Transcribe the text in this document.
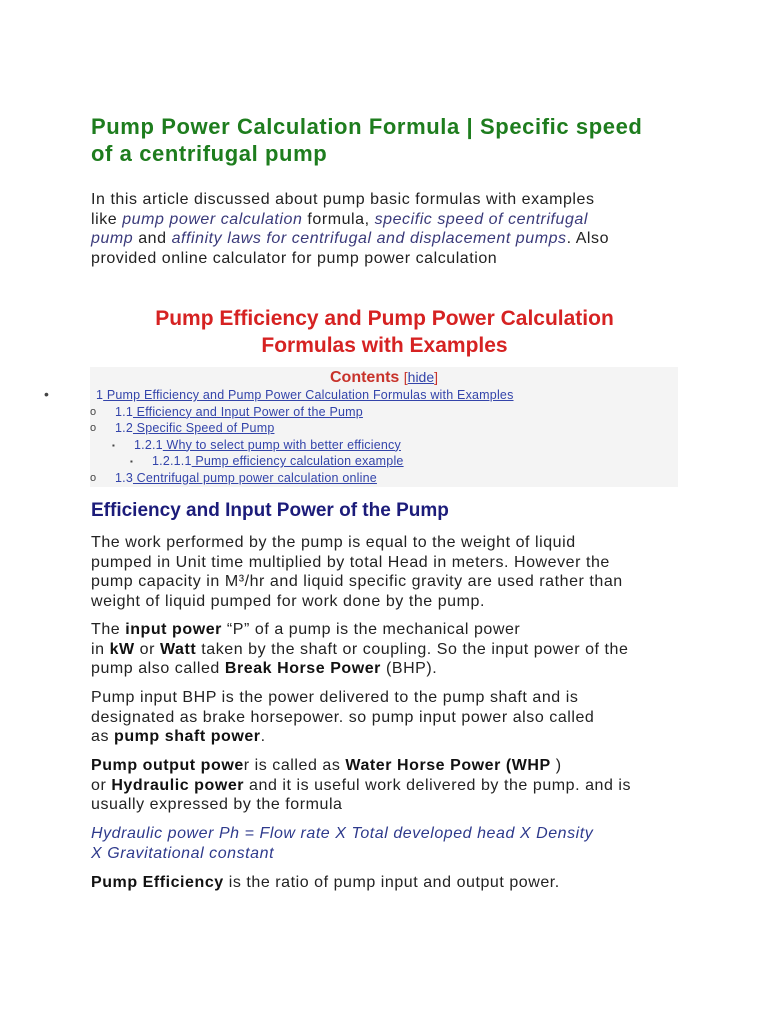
Pump Power Calculation Formula | Specific speed
of a centrifugal pump
In this article discussed about pump basic formulas with examples
like pump power calculation formula, specific speed of centrifugal
pump and affinity laws for centrifugal and displacement pumps. Also
provided online calculator for pump power calculation
Pump Efficiency and Pump Power Calculation
Formulas with Examples
Contents [hide]
•	1 Pump Efficiency and Pump Power Calculation Formulas with Examples
o 1.1 Efficiency and Input Power of the Pump
o 1.2 Specific Speed of Pump
▪ 1.2.1 Why to select pump with better efficiency
▪ 1.2.1.1 Pump efficiency calculation example
o 1.3 Centrifugal pump power calculation online
Efficiency and Input Power of the Pump
The work performed by the pump is equal to the weight of liquid
pumped in Unit time multiplied by total Head in meters. However the
pump capacity in M³/hr and liquid specific gravity are used rather than
weight of liquid pumped for work done by the pump.
The input power “P” of a pump is the mechanical power
in kW or Watt taken by the shaft or coupling. So the input power of the
pump also called Break Horse Power (BHP).
Pump input BHP is the power delivered to the pump shaft and is
designated as brake horsepower. so pump input power also called
as pump shaft power.
Pump output power is called as Water Horse Power (WHP )
or Hydraulic power and it is useful work delivered by the pump. and is
usually expressed by the formula
Hydraulic power Ph = Flow rate X Total developed head X Density
X Gravitational constant
Pump Efficiency is the ratio of pump input and output power.
